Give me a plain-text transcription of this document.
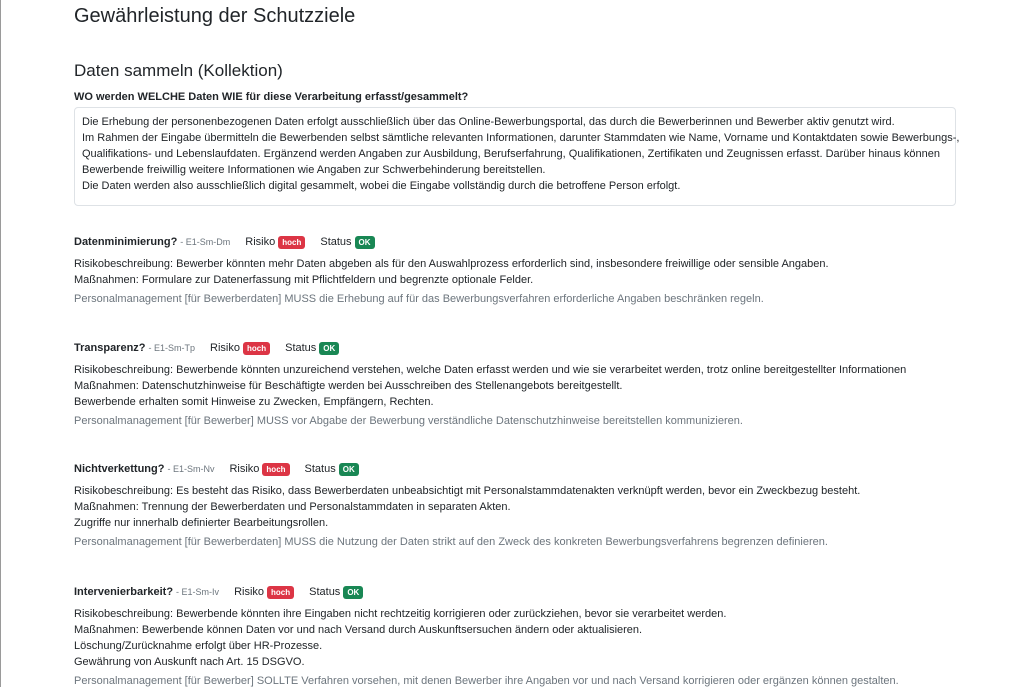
Gewährleistung der Schutzziele
Daten sammeln (Kollektion)
WO werden WELCHE Daten WIE für diese Verarbeitung erfasst/gesammelt?

Die Erhebung der personenbezogenen Daten erfolgt ausschließlich über das Online-Bewerbungsportal, das durch die Bewerberinnen und Bewerber aktiv genutzt wird.

Im Rahmen der Eingabe übermitteln die Bewerbenden selbst sämtliche relevanten Informationen, darunter Stammdaten wie Name, Vorname und Kontaktdaten sowie Bewerbungs-,

Qualifikations- und Lebenslaufdaten. Ergänzend werden Angaben zur Ausbildung, Berufserfahrung, Qualifikationen, Zertifikaten und Zeugnissen erfasst. Darüber hinaus können

Bewerbende freiwillig weitere Informationen wie Angaben zur Schwerbehinderung bereitstellen.

Die Daten werden also ausschließlich digital gesammelt, wobei die Eingabe vollständig durch die betroffene Person erfolgt.

Datenminimierung? - E1-Sm-Dm Risiko hoch	Status OK

Risikobeschreibung: Bewerber könnten mehr Daten abgeben als für den Auswahlprozess erforderlich sind, insbesondere freiwillige oder sensible Angaben.

Maßnahmen: Formulare zur Datenerfassung mit Pflichtfeldern und begrenzte optionale Felder.

Personalmanagement [für Bewerberdaten] MUSS die Erhebung auf für das Bewerbungsverfahren erforderliche Angaben beschränken regeln.
Transparenz? - E1-Sm-Tp Risiko hoch	Status OK

Risikobeschreibung: Bewerbende könnten unzureichend verstehen, welche Daten erfasst werden und wie sie verarbeitet werden, trotz online bereitgestellter Informationen

Maßnahmen: Datenschutzhinweise für Beschäftigte werden bei Ausschreiben des Stellenangebots bereitgestellt.

Bewerbende erhalten somit Hinweise zu Zwecken, Empfängern, Rechten.

Personalmanagement [für Bewerber] MUSS vor Abgabe der Bewerbung verständliche Datenschutzhinweise bereitstellen kommunizieren.
Nichtverkettung? - E1-Sm-Nv Risiko hoch	Status OK

Risikobeschreibung: Es besteht das Risiko, dass Bewerberdaten unbeabsichtigt mit Personalstammdatenakten verknüpft werden, bevor ein Zweckbezug besteht.

Maßnahmen: Trennung der Bewerberdaten und Personalstammdaten in separaten Akten.

Zugriffe nur innerhalb definierter Bearbeitungsrollen.

Personalmanagement [für Bewerberdaten] MUSS die Nutzung der Daten strikt auf den Zweck des konkreten Bewerbungsverfahrens begrenzen definieren.
Intervenierbarkeit? - E1-Sm-Iv Risiko hoch	Status OK

Risikobeschreibung: Bewerbende könnten ihre Eingaben nicht rechtzeitig korrigieren oder zurückziehen, bevor sie verarbeitet werden.

Maßnahmen: Bewerbende können Daten vor und nach Versand durch Auskunftsersuchen ändern oder aktualisieren.

Löschung/Zurücknahme erfolgt über HR-Prozesse.

Gewährung von Auskunft nach Art. 15 DSGVO.

Personalmanagement [für Bewerber] SOLLTE Verfahren vorsehen, mit denen Bewerber ihre Angaben vor und nach Versand korrigieren oder ergänzen können gestalten.
